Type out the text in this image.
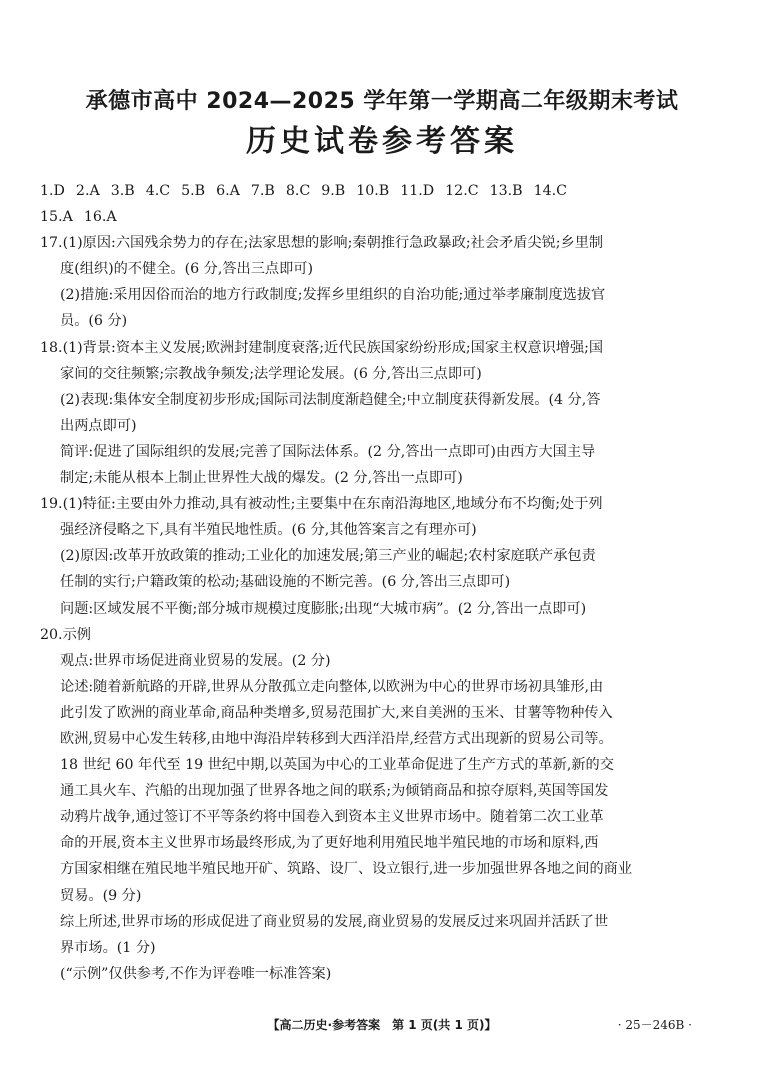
承德市高中 2024—2025 学年第一学期高二年级期末考试
历史试卷参考答案
1.D 2.A 3.B 4.C 5.B 6.A 7.B 8.C 9.B 10.B 11.D 12.C 13.B 14.C
15.A 16.A
17.(1)原因:六国残余势力的存在;法家思想的影响;秦朝推行急政暴政;社会矛盾尖锐;乡里制
度(组织)的不健全。(6 分,答出三点即可)
(2)措施:采用因俗而治的地方行政制度;发挥乡里组织的自治功能;通过举孝廉制度选拔官
员。(6 分)
18.(1)背景:资本主义发展;欧洲封建制度衰落;近代民族国家纷纷形成;国家主权意识增强;国
家间的交往频繁;宗教战争频发;法学理论发展。(6 分,答出三点即可)
(2)表现:集体安全制度初步形成;国际司法制度渐趋健全;中立制度获得新发展。(4 分,答
出两点即可)
简评:促进了国际组织的发展;完善了国际法体系。(2 分,答出一点即可)由西方大国主导
制定;未能从根本上制止世界性大战的爆发。(2 分,答出一点即可)
19.(1)特征:主要由外力推动,具有被动性;主要集中在东南沿海地区,地域分布不均衡;处于列
强经济侵略之下,具有半殖民地性质。(6 分,其他答案言之有理亦可)
(2)原因:改革开放政策的推动;工业化的加速发展;第三产业的崛起;农村家庭联产承包责
任制的实行;户籍政策的松动;基础设施的不断完善。(6 分,答出三点即可)
问题:区域发展不平衡;部分城市规模过度膨胀;出现“大城市病”。(2 分,答出一点即可)
20.示例
观点:世界市场促进商业贸易的发展。(2 分)
论述:随着新航路的开辟,世界从分散孤立走向整体,以欧洲为中心的世界市场初具雏形,由
此引发了欧洲的商业革命,商品种类增多,贸易范围扩大,来自美洲的玉米、甘薯等物种传入
欧洲,贸易中心发生转移,由地中海沿岸转移到大西洋沿岸,经营方式出现新的贸易公司等。
18 世纪 60 年代至 19 世纪中期,以英国为中心的工业革命促进了生产方式的革新,新的交
通工具火车、汽船的出现加强了世界各地之间的联系;为倾销商品和掠夺原料,英国等国发
动鸦片战争,通过签订不平等条约将中国卷入到资本主义世界市场中。随着第二次工业革
命的开展,资本主义世界市场最终形成,为了更好地利用殖民地半殖民地的市场和原料,西
方国家相继在殖民地半殖民地开矿、筑路、设厂、设立银行,进一步加强世界各地之间的商业
贸易。(9 分)
综上所述,世界市场的形成促进了商业贸易的发展,商业贸易的发展反过来巩固并活跃了世
界市场。(1 分)
(“示例”仅供参考,不作为评卷唯一标准答案)
【高二历史·参考答案　第 1 页(共 1 页)】	· 25－246B ·
